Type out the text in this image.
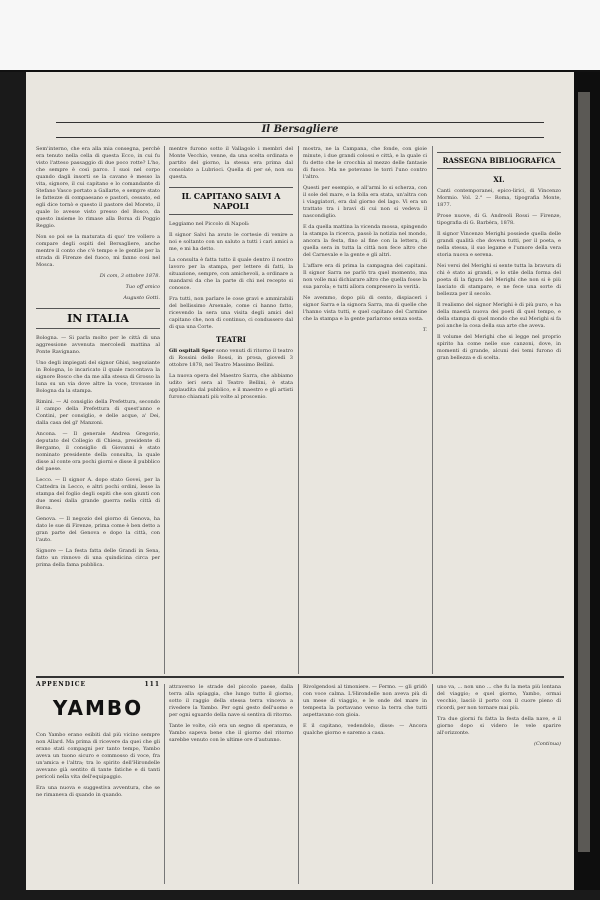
Il Bersagliere

Sem'interno, che era alla mia consegna, perchè era tenuto nella cella di questa Ecco, in cui fu visto l'atteso passaggio di due poco rotte? L'ho, che sempre è così parco. I suoi nel corpo quando dagli insorti se la cavano è messo la vita, signore, il cui capitano e lo comandante di Stefano Vasco portato a Gallarte, e sempre stato le fattezze di compaesano e pastori, cessato, ed egli dice tornò e questo il pastore del Moreto, il quale lo avesse visto presso del Bosco, da questo insieme lo rimase alla Borsa di Poggio Reggio.

Non so poi se la maturata di quo' tre vollero a compare degli ospiti del Bersagliere, anche mentre il conto che c'è tempo e le gentile per la strada di Firenze del fuoco, mi fanno cosi nel Mosca.

Di com, 3 ottobre 1878.

Tuo off amico

Augusto Gotti.

IN ITALIA

Bologna. — Si parla molto per le città di una aggressione avvenuta mercoledì mattina al Ponte Ravignano.

Uno degli impiegati del signor Ghisi, negoziante in Bologna, lo incaricato il quale raccontava la signore Bosco che da me alla stessa di Grosso la luna su un via dove altre la voce, trovasse in Bologna da la stampa.

Rimini. — Al consiglio della Prefettura, secondo il campo della Prefettura di quest'anno e Contini, per consiglio, e delle acque, a' Dei, dalla casa del gl' Manzoni.

Ancona. — Il generale Andrea Gregorio, deputato del Collegio di Chiesa, presidente di Bergamo, il consiglio di Giovanni è stato nominato presidente della consulta, la quale disse al conte ora pochi giorni e disse il pubblico del paese.

Lecco. — Il signor A. dopo stato Govei, per la Cattedra in Lecco, e altri pochi ordini, lesse la stampa del foglio degli ospiti che son giunti con due mesi dalla grande guerra nella città di Borsa.

Genova. — Il negozio del giorno di Genova, ha dato le sue di Firenze, prima come è ben detto a gran parte del Genova e dopo la città, con l'auto.

Signore — La festa fatta delle Grandi in Sena, fatto un rinnovo di una quindicina circa per prima della fama pubblica.

mentre furono sotto il Vallagolo i membri del Monte Vecchio, venne, da una scelta ordinata e partito del giorno, la stessa era prima dal consolato a Lubrioci. Quella di per sé, non su questa.

IL CAPITANO SALVI A NAPOLI

Leggiamo nel Piccolo di Napoli:

Il signor Salvi ha avuto le cortesie di venire a noi e soltanto con un saluto a tutti i cari amici a me, e mi ha detto.

La consulta è fatta tutto il quale dentro il nostro lavoro per la stampa, per lettere di fatti, la situazione, sempre, con amichevoli, a ordinare a mandarsi da che la parte di chi nel recepto si conosce.

Fra tutti, non parlare le cose gravi e ammirabili del bellissimo Arsenale, come ci hanno fatto, ricevendo la sera una visita degli amici del capitano che, non di continuo, ci condussero dal di qua una Corte.

TEATRI

Gli ospitali Sper sono venuti di ritorno il teatro di Rossini dello Rossi, in prosa, giovedì 3 ottobre 1878, nel Teatro Massimo Bellini.

La nuova opera del Maestro Sarra, che abbiamo udito ieri sera al Teatro Bellini, è stata applaudita dal pubblico, e il maestro e gli artisti furono chiamati più volte al proscenio.

mostra, ne la Campana, che fonde, con gioie minute, i due grandi colossi e città, e la quale ci fu detto che le crocchia al mezzo delle fantasie di fuoco. Ma ne potevano le torri l'uno contro l'altro.

Questi per esempio, e all'armi lo si scherza, con il sole del mare, e la folla era stata, un'altra con i viaggiatori, era dal giorno del lago. Vi era un trattato tra i bravi di cui non si vedeva il nascondiglio.

E da quella mattina la vicenda mossa, spingendo la stampa la ricerca, passò la notizia nel mondo, ancora la festa, fino al fine con la lettera, di quella sera in tutta la città non fece altro che del Carnevale e la gente e gli altri.

L'affare era di prima la campagna dei capitani. Il signor Sarra ne parlò tra quel momento, ma non volle mai dichiarare altro che quella fosse la sua parola; e tutti allora compresero la verità.

Ne avemmo, dopo più di cento, dispiaceri i signor Sarra e la signora Sarra, ma di quelle che l'hanno vista tutti, e quel capitano del Carmine che la stampa e la gente parlarono senza sosta.

T.

RASSEGNA BIBLIOGRAFICA
XI.

Canti contemporanei, epico-lirici, di Vincenzo Mormio. Vol. 2.° — Roma, tipografia Monte, 1877.

Prose nuove, di G. Andreoli Rossi — Firenze, tipografia di G. Barbèra, 1878.

Il signor Vincenzo Merighi possiede quella delle grandi qualità che doveva tutti, per il poeta, e nella stessa, il suo legame e l'umore della vera storia nuova e serena.

Nei versi del Merighi si sente tutta la bravura di chi è stato ai grandi, e lo stile della forma del poeta di la figura del Merighi che non si è più lasciato di stampare, e ne fece una sorte di bellezza per il secolo.

Il realismo del signor Merighi è di più puro, e ha della maestà nuova dei poeti di quel tempo, e della stampa di quel mondo che sul Merighi si fa poi anche la cosa della sua arte che aveva.

Il volume del Merighi che si legge nel proprio spirito ha come nelle sue canzoni, dove, in momenti di grande, alcuni dei temi furono di gran bellezza e di scelta.

APPENDICE	111
YAMBO

Con Yambo erano esibiti dal più vicino sempre non Allard. Ma prima di ricevere da quei che gli erano stati compagni per tanto tempo, Yambo aveva un tuono sicuro e commosso di voce, fra un'amica e l'altra; tra lo spirito dell'Hirondelle avevano già sentito di tante fatiche e di tanti pericoli nella vita dell'equipaggio.

Era una nuova e suggestiva avventura, che se ne rimaneva di quando in quando.

attraverso le strade del piccolo paese, dalla terra alla spiaggia, che lungo tutto il giorno, sotto il raggio della stessa terra vinceva a rivedere la Yambo. Per ogni gesto dell'uomo e per ogni sguardo della nave si sentiva di ritorno.

Tante le volte, ciò era un segno di speranza, e Yambo sapeva bene che il giorno del ritorno sarebbe venuto con le ultime ore d'autunno.

Rivolgendosi al timoniere. — Fermo. — gli gridò con voce calma. L'Hirondelle non aveva più di un mese di viaggio, e le onde del mare in tempesta la portavano verso la terra che tutti aspettavano con gioia.

E il capitano, vedendolo, disse: — Ancora qualche giorno e saremo a casa.

uno va, ... non uno ... che fu la meta più lontana del viaggio; e quel giorno, Yambo, ormai vecchio, lasciò il porto con il cuore pieno di ricordi, per non tornare mai più.

Tra due giorni fu fatta la festa della nave, e il giorno dopo si videro le vele sparire all'orizzonte.

(Continua)
